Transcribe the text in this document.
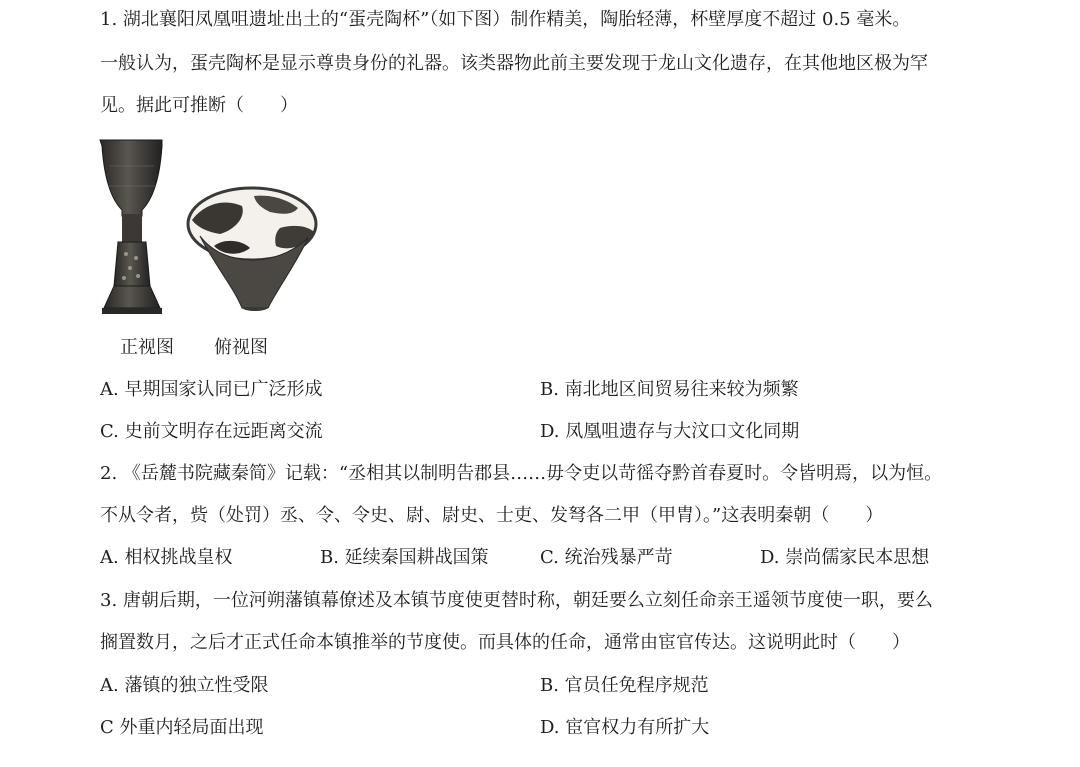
1. 湖北襄阳凤凰咀遗址出土的“蛋壳陶杯”（如下图）制作精美，陶胎轻薄，杯壁厚度不超过 0.5 毫米。
一般认为，蛋壳陶杯是显示尊贵身份的礼器。该类器物此前主要发现于龙山文化遗存，在其他地区极为罕
见。据此可推断（　　）
正视图 俯视图
A. 早期国家认同已广泛形成	B. 南北地区间贸易往来较为频繁
C. 史前文明存在远距离交流	D. 凤凰咀遗存与大汶口文化同期
2. 《岳麓书院藏秦简》记载：“丞相其以制明告郡县……毋令吏以苛徭夺黔首春夏时。令皆明焉，以为恒。
不从令者，赀（处罚）丞、令、令史、尉、尉史、士吏、发弩各二甲（甲胄）。”这表明秦朝（　　）
A. 相权挑战皇权	B. 延续秦国耕战国策	C. 统治残暴严苛	D. 崇尚儒家民本思想
3. 唐朝后期，一位河朔藩镇幕僚述及本镇节度使更替时称，朝廷要么立刻任命亲王遥领节度使一职，要么
搁置数月，之后才正式任命本镇推举的节度使。而具体的任命，通常由宦官传达。这说明此时（　　）
A. 藩镇的独立性受限	B. 官员任免程序规范
C 外重内轻局面出现	D. 宦官权力有所扩大
